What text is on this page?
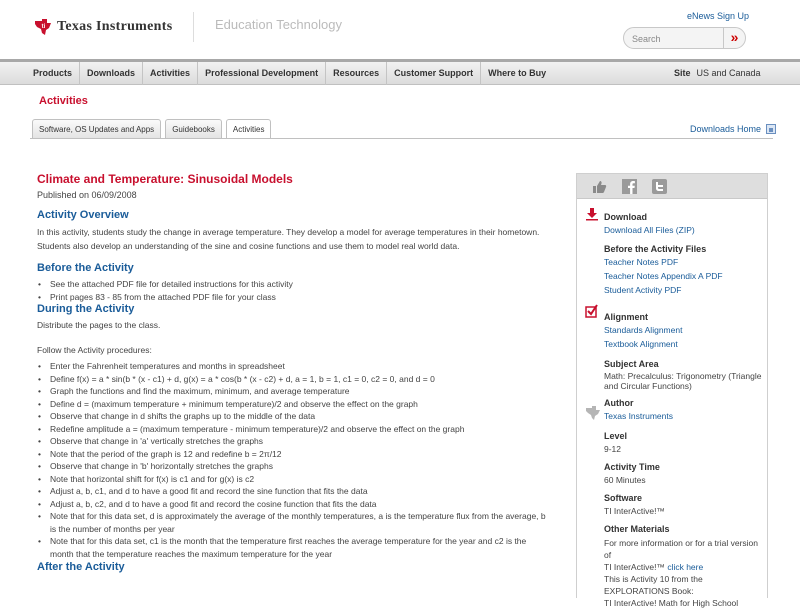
ti Texas Instruments	Education Technology
eNews Sign Up
Search
»
Products	Downloads	Activities	Professional Development	Resources	Customer Support	Where to Buy	Site US and Canada
Activities
Software, OS Updates and Apps	Guidebooks	Activities	Downloads Home
Climate and Temperature: Sinusoidal Models
Published on 06/09/2008
Activity Overview
In this activity, students study the change in average temperature. They develop a model for average temperatures in their hometown. Students also develop an understanding of the sine and cosine functions and use them to model real world data.
Before the Activity
• See the attached PDF file for detailed instructions for this activity
• Print pages 83 - 85 from the attached PDF file for your class
During the Activity
Distribute the pages to the class.
Follow the Activity procedures:
• Enter the Fahrenheit temperatures and months in spreadsheet
• Define f(x) = a * sin(b * (x - c1) + d, g(x) = a * cos(b * (x - c2) + d, a = 1, b = 1, c1 = 0, c2 = 0, and d = 0
• Graph the functions and find the maximum, minimum, and average temperature
• Define d = (maximum temperature + minimum temperature)/2 and observe the effect on the graph
• Observe that change in d shifts the graphs up to the middle of the data
• Redefine amplitude a = (maximum temperature - minimum temperature)/2 and observe the effect on the graph
• Observe that change in 'a' vertically stretches the graphs
• Note that the period of the graph is 12 and redefine b = 2π/12
• Observe that change in 'b' horizontally stretches the graphs
• Note that horizontal shift for f(x) is c1 and for g(x) is c2
• Adjust a, b, c1, and d to have a good fit and record the sine function that fits the data
• Adjust a, b, c2, and d to have a good fit and record the cosine function that fits the data
• Note that for this data set, d is approximately the average of the monthly temperatures, a is the temperature flux from the average, b is the number of months per year
• Note that for this data set, c1 is the month that the temperature first reaches the average temperature for the year and c2 is the month that the temperature reaches the maximum temperature for the year
After the Activity
Download
Download All Files (ZIP)
Before the Activity Files
Teacher Notes PDF
Teacher Notes Appendix A PDF
Student Activity PDF
Alignment
Standards Alignment
Textbook Alignment
Subject Area
Math: Precalculus: Trigonometry (Triangle and Circular Functions)
Author
Texas Instruments
Level
9-12
Activity Time
60 Minutes
Software
TI InterActive!™
Other Materials
For more information or for a trial version of
TI InterActive!™ click here
This is Activity 10 from the
EXPLORATIONS Book:
TI InterActive! Math for High School
